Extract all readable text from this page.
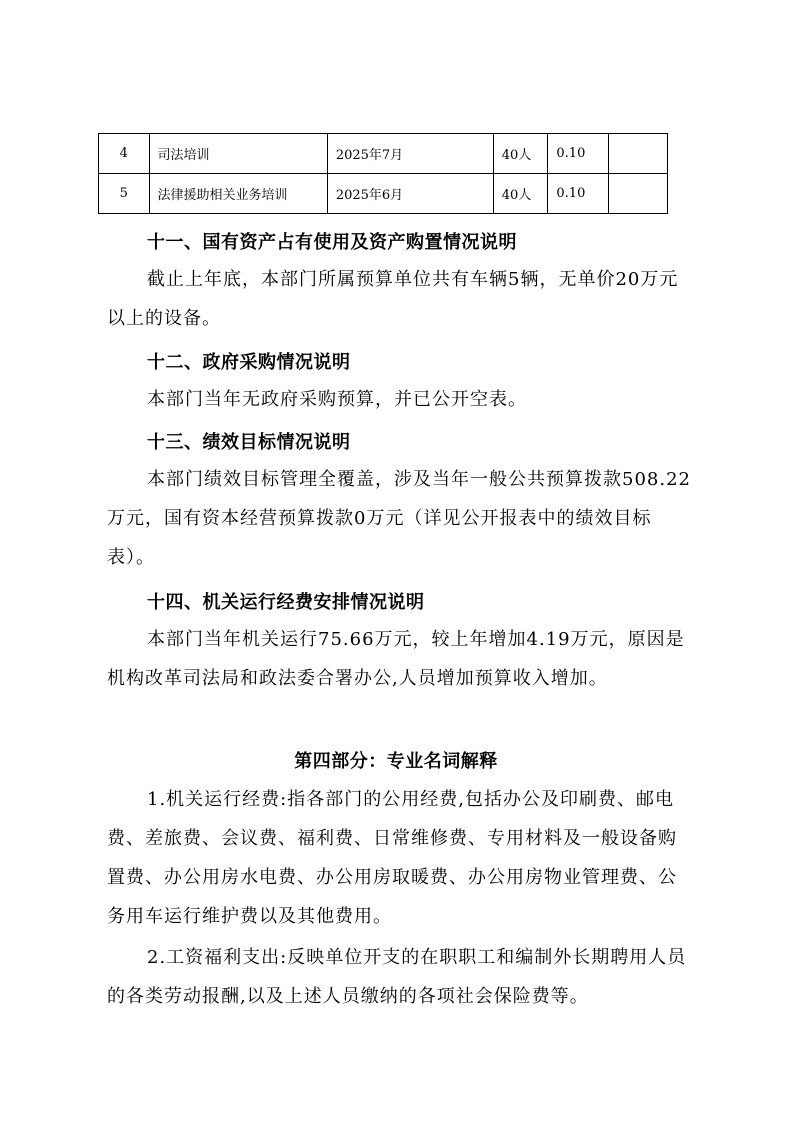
4	司法培训	2025年7月	40人	0.10	
5	法律援助相关业务培训	2025年6月	40人	0.10	
十一、国有资产占有使用及资产购置情况说明
截止上年底，本部门所属预算单位共有车辆5辆，无单价20万元以上的设备。
十二、政府采购情况说明
本部门当年无政府采购预算，并已公开空表。
十三、绩效目标情况说明
本部门绩效目标管理全覆盖，涉及当年一般公共预算拨款508.22万元，国有资本经营预算拨款0万元（详见公开报表中的绩效目标表）。
十四、机关运行经费安排情况说明
本部门当年机关运行75.66万元，较上年增加4.19万元，原因是机构改革司法局和政法委合署办公,人员增加预算收入增加。
第四部分：专业名词解释
1.机关运行经费:指各部门的公用经费,包括办公及印刷费、邮电费、差旅费、会议费、福利费、日常维修费、专用材料及一般设备购置费、办公用房水电费、办公用房取暖费、办公用房物业管理费、公务用车运行维护费以及其他费用。
2.工资福利支出:反映单位开支的在职职工和编制外长期聘用人员的各类劳动报酬,以及上述人员缴纳的各项社会保险费等。
